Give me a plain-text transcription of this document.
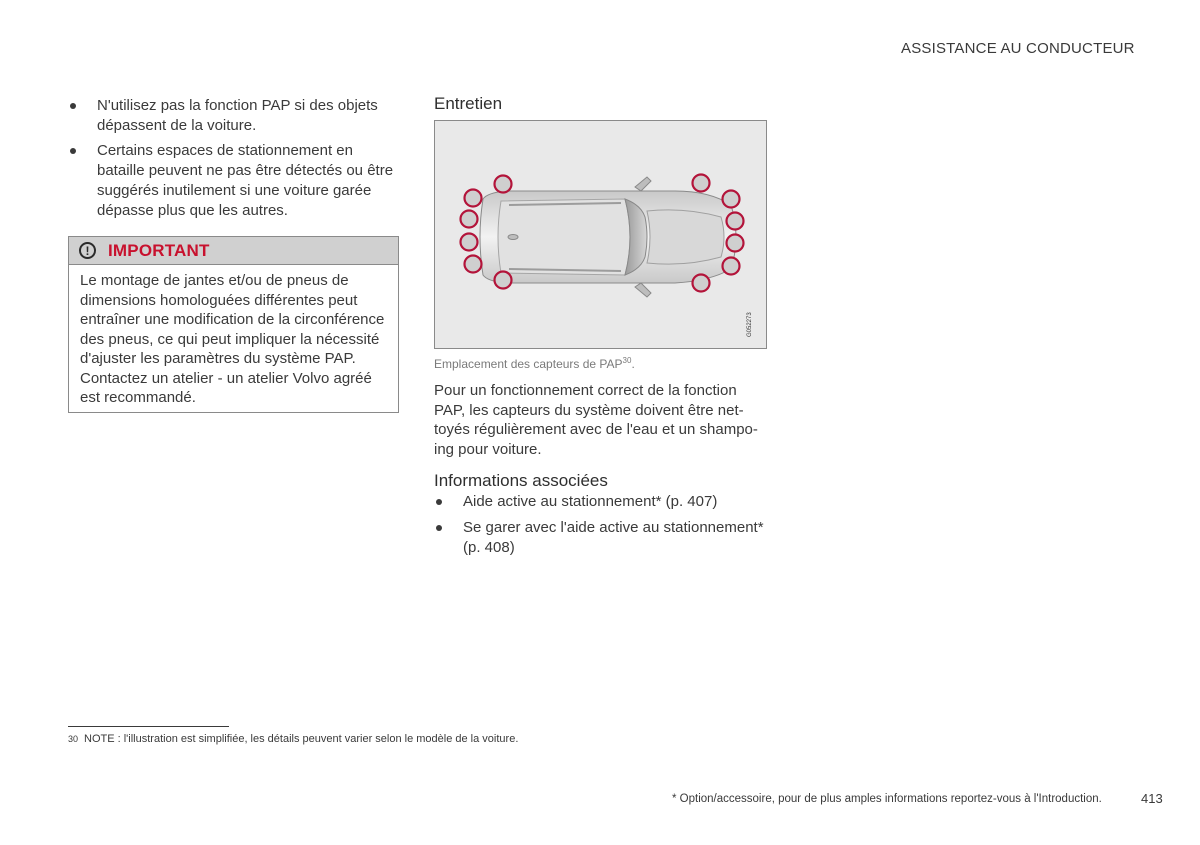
ASSISTANCE AU CONDUCTEUR
N'utilisez pas la fonction PAP si des objets dépassent de la voiture.
Certains espaces de stationnement en bataille peuvent ne pas être détectés ou être suggérés inutilement si une voiture garée dépasse plus que les autres.
!	IMPORTANT
Le montage de jantes et/ou de pneus de dimensions homologuées différentes peut entraîner une modification de la circonférence des pneus, ce qui peut impliquer la nécessité d'ajuster les paramètres du système PAP. Contactez un atelier - un atelier Volvo agréé est recommandé.
Entretien
G052273
Emplacement des capteurs de PAP$^{30}$.
Pour un fonctionnement correct de la fonction PAP, les capteurs du système doivent être net-toyés régulièrement avec de l'eau et un shampo-ing pour voiture.
Informations associées
Aide active au stationnement* (p. 407)
Se garer avec l'aide active au stationnement* (p. 408)
30 NOTE : l'illustration est simplifiée, les détails peuvent varier selon le modèle de la voiture.
* Option/accessoire, pour de plus amples informations reportez-vous à l'Introduction.	413
